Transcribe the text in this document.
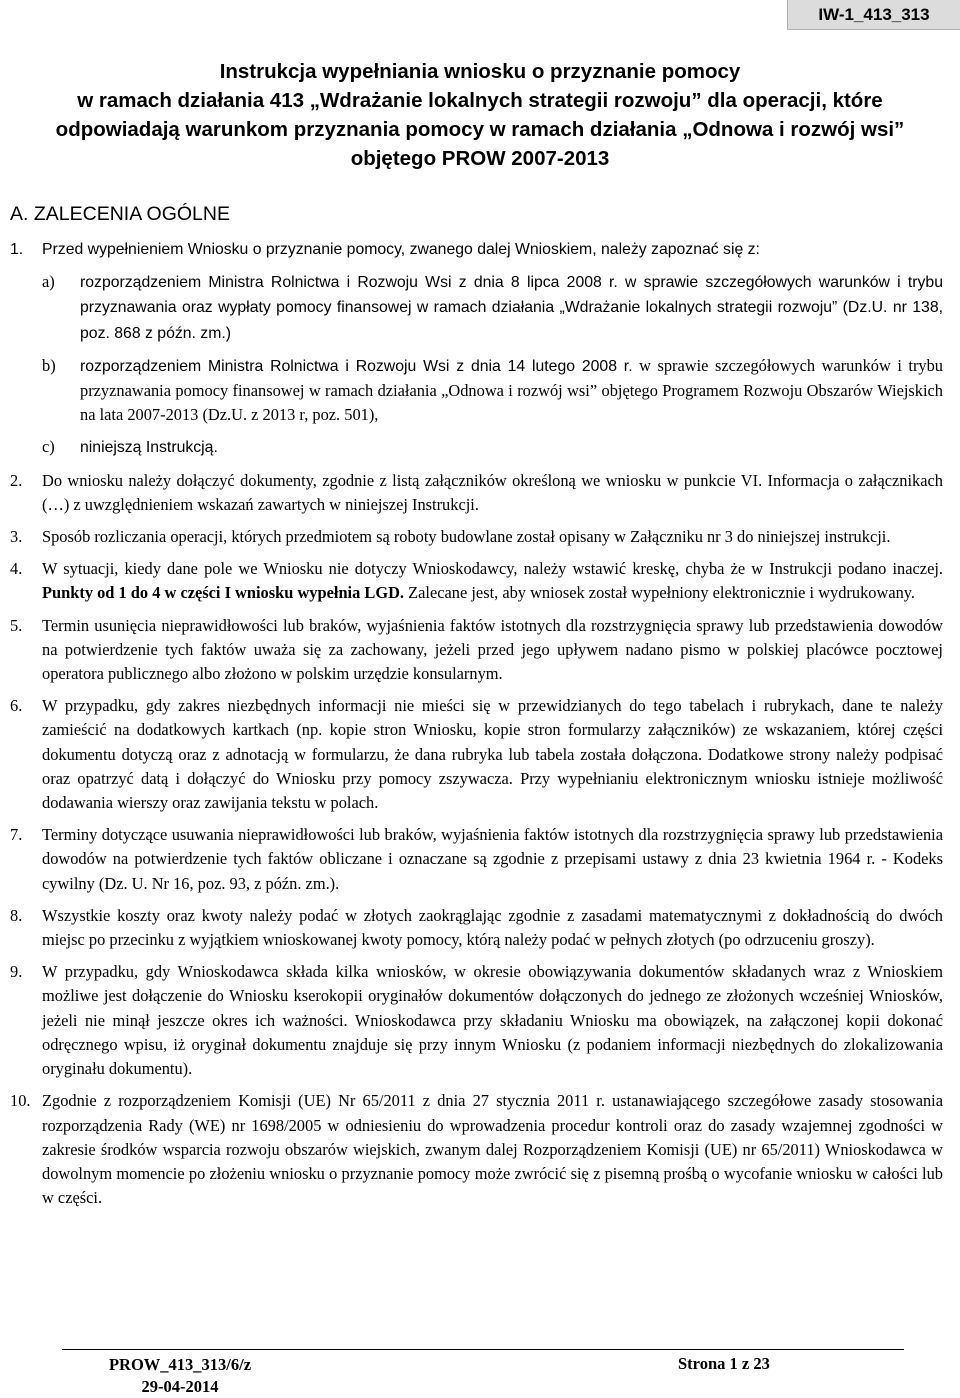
IW-1_413_313
Instrukcja wypełniania wniosku o przyznanie pomocy
w ramach działania 413 „Wdrażanie lokalnych strategii rozwoju” dla operacji, które
odpowiadają warunkom przyznania pomocy w ramach działania „Odnowa i rozwój wsi”
objętego PROW 2007-2013
A. ZALECENIA OGÓLNE
1.	Przed wypełnieniem Wniosku o przyznanie pomocy, zwanego dalej Wnioskiem, należy zapoznać się z:
a)	rozporządzeniem Ministra Rolnictwa i Rozwoju Wsi z dnia 8 lipca 2008 r. w sprawie szczegółowych warunków i trybu przyznawania oraz wypłaty pomocy finansowej w ramach działania „Wdrażanie lokalnych strategii rozwoju” (Dz.U. nr 138, poz. 868 z późn. zm.)
b)	rozporządzeniem Ministra Rolnictwa i Rozwoju Wsi z dnia 14 lutego 2008 r. w sprawie szczegółowych warunków i trybu przyznawania pomocy finansowej w ramach działania „Odnowa i rozwój wsi” objętego Programem Rozwoju Obszarów Wiejskich na lata 2007-2013 (Dz.U. z 2013 r, poz. 501),
c)	niniejszą Instrukcją.
2.	Do wniosku należy dołączyć dokumenty, zgodnie z listą załączników określoną we wniosku w punkcie VI. Informacja o załącznikach (…) z uwzględnieniem wskazań zawartych w niniejszej Instrukcji.
3.	Sposób rozliczania operacji, których przedmiotem są roboty budowlane został opisany w Załączniku nr 3 do niniejszej instrukcji.
4.	W sytuacji, kiedy dane pole we Wniosku nie dotyczy Wnioskodawcy, należy wstawić kreskę, chyba że w Instrukcji podano inaczej. Punkty od 1 do 4 w części I wniosku wypełnia LGD. Zalecane jest, aby wniosek został wypełniony elektronicznie i wydrukowany.
5.	Termin usunięcia nieprawidłowości lub braków, wyjaśnienia faktów istotnych dla rozstrzygnięcia sprawy lub przedstawienia dowodów na potwierdzenie tych faktów uważa się za zachowany, jeżeli przed jego upływem nadano pismo w polskiej placówce pocztowej operatora publicznego albo złożono w polskim urzędzie konsularnym.
6.	W przypadku, gdy zakres niezbędnych informacji nie mieści się w przewidzianych do tego tabelach i rubrykach, dane te należy zamieścić na dodatkowych kartkach (np. kopie stron Wniosku, kopie stron formularzy załączników) ze wskazaniem, której części dokumentu dotyczą oraz z adnotacją w formularzu, że dana rubryka lub tabela została dołączona. Dodatkowe strony należy podpisać oraz opatrzyć datą i dołączyć do Wniosku przy pomocy zszywacza. Przy wypełnianiu elektronicznym wniosku istnieje możliwość dodawania wierszy oraz zawijania tekstu w polach.
7.	Terminy dotyczące usuwania nieprawidłowości lub braków, wyjaśnienia faktów istotnych dla rozstrzygnięcia sprawy lub przedstawienia dowodów na potwierdzenie tych faktów obliczane i oznaczane są zgodnie z przepisami ustawy z dnia 23 kwietnia 1964 r. - Kodeks cywilny (Dz. U. Nr 16, poz. 93, z późn. zm.).
8.	Wszystkie koszty oraz kwoty należy podać w złotych zaokrąglając zgodnie z zasadami matematycznymi z dokładnością do dwóch miejsc po przecinku z wyjątkiem wnioskowanej kwoty pomocy, którą należy podać w pełnych złotych (po odrzuceniu groszy).
9.	W przypadku, gdy Wnioskodawca składa kilka wniosków, w okresie obowiązywania dokumentów składanych wraz z Wnioskiem możliwe jest dołączenie do Wniosku kserokopii oryginałów dokumentów dołączonych do jednego ze złożonych wcześniej Wniosków, jeżeli nie minął jeszcze okres ich ważności. Wnioskodawca przy składaniu Wniosku ma obowiązek, na załączonej kopii dokonać odręcznego wpisu, iż oryginał dokumentu znajduje się przy innym Wniosku (z podaniem informacji niezbędnych do zlokalizowania oryginału dokumentu).
10. Zgodnie z rozporządzeniem Komisji (UE) Nr 65/2011 z dnia 27 stycznia 2011 r. ustanawiającego szczegółowe zasady stosowania rozporządzenia Rady (WE) nr 1698/2005 w odniesieniu do wprowadzenia procedur kontroli oraz do zasady wzajemnej zgodności w zakresie środków wsparcia rozwoju obszarów wiejskich, zwanym dalej Rozporządzeniem Komisji (UE) nr 65/2011) Wnioskodawca w dowolnym momencie po złożeniu wniosku o przyznanie pomocy może zwrócić się z pisemną prośbą o wycofanie wniosku w całości lub w części.
PROW_413_313/6/z
29-04-2014
Strona 1 z 23
